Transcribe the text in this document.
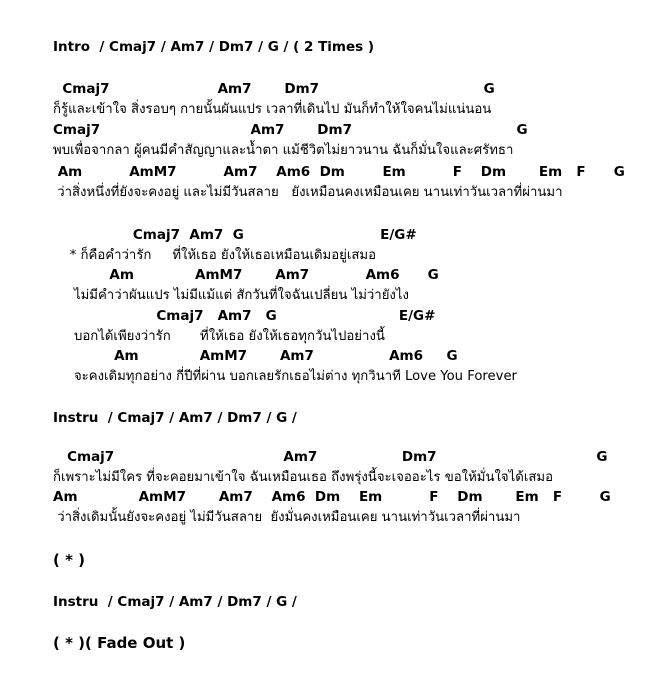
Intro  / Cmaj7 / Am7 / Dm7 / G / ( 2 Times )
Cmaj7                       Am7       Dm7                                   G
ก็รู้และเข้าใจ สิ่งรอบๆ กายนั้นผันแปร เวลาที่เดินไป มันก็ทำให้ใจคนไม่แน่นอน
Cmaj7                                Am7       Dm7                                   G
พบเพื่อจากลา ผู้คนมีคำสัญญาและน้ำตา แม้ชีวิตไม่ยาวนาน ฉันก็มั่นใจและศรัทธา
Am          AmM7          Am7    Am6  Dm        Em          F    Dm       Em   F      G
ว่าสิ่งหนึ่งที่ยังจะคงอยู่ และไม่มีวันสลาย   ยังเหมือนคงเหมือนเคย นานเท่าวันเวลาที่ผ่านมา
Cmaj7  Am7  G                             E/G#
* ก็คือคำว่ารัก     ที่ให้เธอ ยังให้เธอเหมือนเดิมอยู่เสมอ
Am             AmM7       Am7            Am6      G
ไม่มีคำว่าผันแปร ไม่มีแม้แต่ สักวันที่ใจฉันเปลี่ยน ไม่ว่ายังไง
Cmaj7   Am7   G                          E/G#
บอกได้เพียงว่ารัก       ที่ให้เธอ ยังให้เธอทุกวันไปอย่างนี้
Am             AmM7       Am7                Am6     G
จะคงเดิมทุกอย่าง กี่ปีที่ผ่าน บอกเลยรักเธอไม่ต่าง ทุกวินาที Love You Forever
Instru  / Cmaj7 / Am7 / Dm7 / G /
Cmaj7                                    Am7                  Dm7                                  G
ก็เพราะไม่มีใคร ที่จะคอยมาเข้าใจ ฉันเหมือนเธอ ถึงพรุ่งนี้จะเจออะไร ขอให้มั่นใจได้เสมอ
Am             AmM7       Am7    Am6  Dm    Em          F    Dm       Em   F        G
ว่าสิ่งเดิมนั้นยังจะคงอยู่ ไม่มีวันสลาย  ยังมั่นคงเหมือนเคย นานเท่าวันเวลาที่ผ่านมา
( * )
Instru  / Cmaj7 / Am7 / Dm7 / G /
( * )( Fade Out )
